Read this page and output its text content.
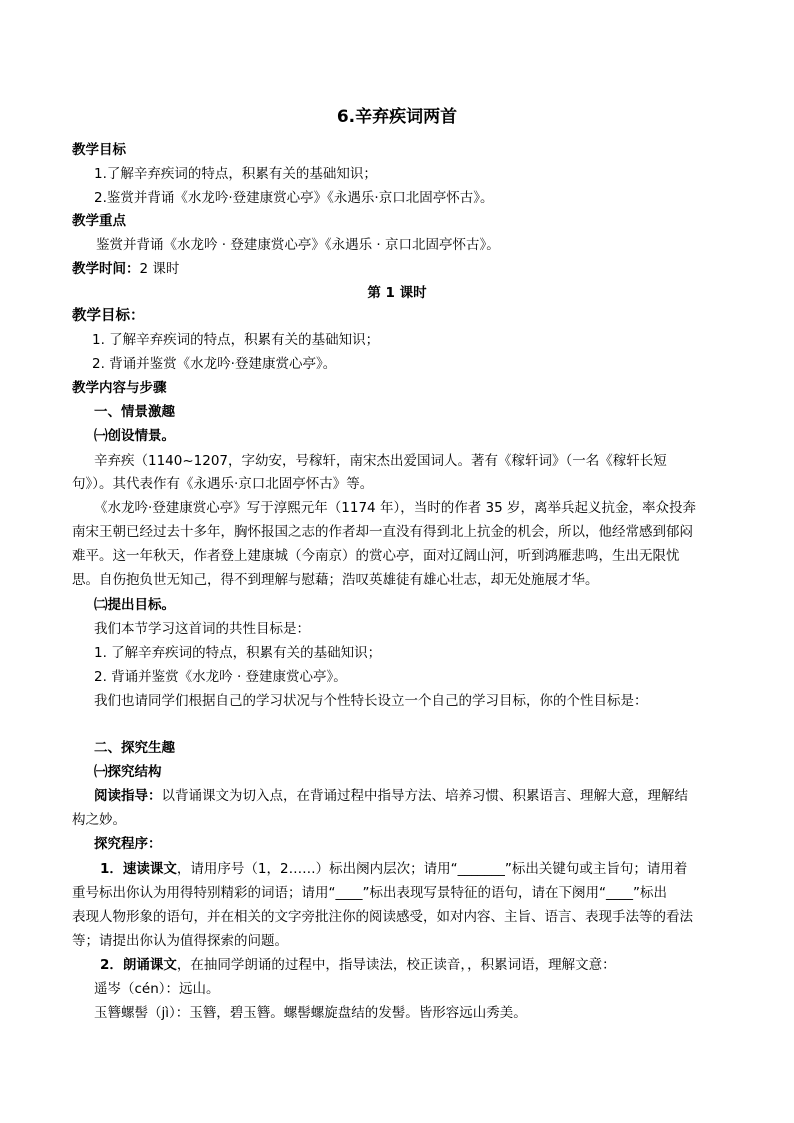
6.辛弃疾词两首
教学目标
1.了解辛弃疾词的特点，积累有关的基础知识；
2.鉴赏并背诵《水龙吟·登建康赏心亭》《永遇乐·京口北固亭怀古》。
教学重点
鉴赏并背诵《水龙吟 · 登建康赏心亭》《永遇乐 · 京口北固亭怀古》。
教学时间：2 课时
第 1 课时
教学目标：
1. 了解辛弃疾词的特点，积累有关的基础知识；
2. 背诵并鉴赏《水龙吟·登建康赏心亭》。
教学内容与步骤
一、情景激趣
㈠创设情景。
辛弃疾（1140~1207，字幼安，号稼轩，南宋杰出爱国词人。著有《稼轩词》（一名《稼轩长短
句》）。其代表作有《永遇乐·京口北固亭怀古》等。
《水龙吟·登建康赏心亭》写于淳熙元年（1174 年），当时的作者 35 岁，离举兵起义抗金，率众投奔
南宋王朝已经过去十多年，胸怀报国之志的作者却一直没有得到北上抗金的机会，所以，他经常感到郁闷
难平。这一年秋天，作者登上建康城（今南京）的赏心亭，面对辽阔山河，听到鸿雁悲鸣，生出无限忧
思。自伤抱负世无知己，得不到理解与慰藉；浩叹英雄徒有雄心壮志，却无处施展才华。
㈡提出目标。
我们本节学习这首词的共性目标是：
1. 了解辛弃疾词的特点，积累有关的基础知识；
2. 背诵并鉴赏《水龙吟 · 登建康赏心亭》。
我们也请同学们根据自己的学习状况与个性特长设立一个自己的学习目标，你的个性目标是：
二、探究生趣
㈠探究结构
阅读指导：以背诵课文为切入点，在背诵过程中指导方法、培养习惯、积累语言、理解大意，理解结
构之妙。
探究程序：
1．速读课文，请用序号（1，2……）标出阕内层次；请用“_______”标出关键句或主旨句；请用着
重号标出你认为用得特别精彩的词语；请用“____”标出表现写景特征的语句，请在下阕用“____”标出
表现人物形象的语句，并在相关的文字旁批注你的阅读感受，如对内容、主旨、语言、表现手法等的看法
等；请提出你认为值得探索的问题。
2．朗诵课文，在抽同学朗诵的过程中，指导读法，校正读音，，积累词语，理解文意：
遥岑（cén）：远山。
玉簪螺髻（jì）：玉簪，碧玉簪。螺髻螺旋盘结的发髻。皆形容远山秀美。
